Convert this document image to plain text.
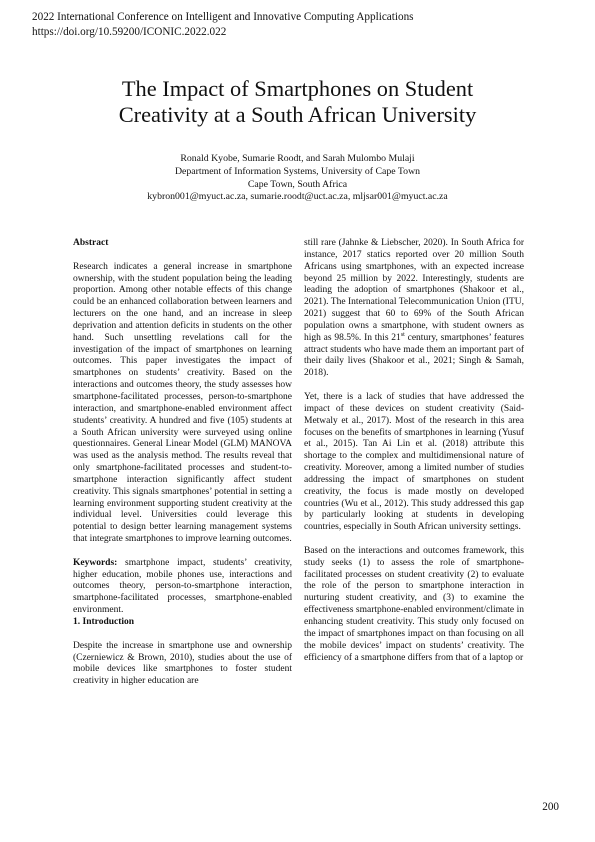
2022 International Conference on Intelligent and Innovative Computing Applications
https://doi.org/10.59200/ICONIC.2022.022
The Impact of Smartphones on Student
Creativity at a South African University
Ronald Kyobe, Sumarie Roodt, and Sarah Mulombo Mulaji
Department of Information Systems, University of Cape Town
Cape Town, South Africa
kybron001@myuct.ac.za, sumarie.roodt@uct.ac.za, mljsar001@myuct.ac.za

Abstract

Research indicates a general increase in smartphone ownership, with the student population being the leading proportion. Among other notable effects of this change could be an enhanced collaboration between learners and lecturers on the one hand, and an increase in sleep deprivation and attention deficits in students on the other hand. Such unsettling revelations call for the investigation of the impact of smartphones on learning outcomes. This paper investigates the impact of smartphones on students’ creativity. Based on the interactions and outcomes theory, the study assesses how smartphone-facilitated processes, person-to-smartphone interaction, and smartphone-enabled environment affect students’ creativity. A hundred and five (105) students at a South African university were surveyed using online questionnaires. General Linear Model (GLM) MANOVA was used as the analysis method. The results reveal that only smartphone-facilitated processes and student-to-smartphone interaction significantly affect student creativity. This signals smartphones’ potential in setting a learning environment supporting student creativity at the individual level. Universities could leverage this potential to design better learning management systems that integrate smartphones to improve learning outcomes.

Keywords: smartphone impact, students’ creativity, higher education, mobile phones use, interactions and outcomes theory, person-to-smartphone interaction, smartphone-facilitated processes, smartphone-enabled environment.

1. Introduction

Despite the increase in smartphone use and ownership (Czerniewicz & Brown, 2010), studies about the use of mobile devices like smartphones to foster student creativity in higher education are

still rare (Jahnke & Liebscher, 2020). In South Africa for instance, 2017 statics reported over 20 million South Africans using smartphones, with an expected increase beyond 25 million by 2022. Interestingly, students are leading the adoption of smartphones (Shakoor et al., 2021). The International Telecommunication Union (ITU, 2021) suggest that 60 to 69% of the South African population owns a smartphone, with student owners as high as 98.5%. In this 21st century, smartphones’ features attract students who have made them an important part of their daily lives (Shakoor et al., 2021; Singh & Samah, 2018).

Yet, there is a lack of studies that have addressed the impact of these devices on student creativity (Said-Metwaly et al., 2017). Most of the research in this area focuses on the benefits of smartphones in learning (Yusuf et al., 2015). Tan Ai Lin et al. (2018) attribute this shortage to the complex and multidimensional nature of creativity. Moreover, among a limited number of studies addressing the impact of smartphones on student creativity, the focus is made mostly on developed countries (Wu et al., 2012). This study addressed this gap by particularly looking at students in developing countries, especially in South African university settings.

Based on the interactions and outcomes framework, this study seeks (1) to assess the role of smartphone-facilitated processes on student creativity (2) to evaluate the role of the person to smartphone interaction in nurturing student creativity, and (3) to examine the effectiveness smartphone-enabled environment/climate in enhancing student creativity. This study only focused on the impact of smartphones impact on than focusing on all the mobile devices’ impact on students’ creativity. The efficiency of a smartphone differs from that of a laptop or

200
